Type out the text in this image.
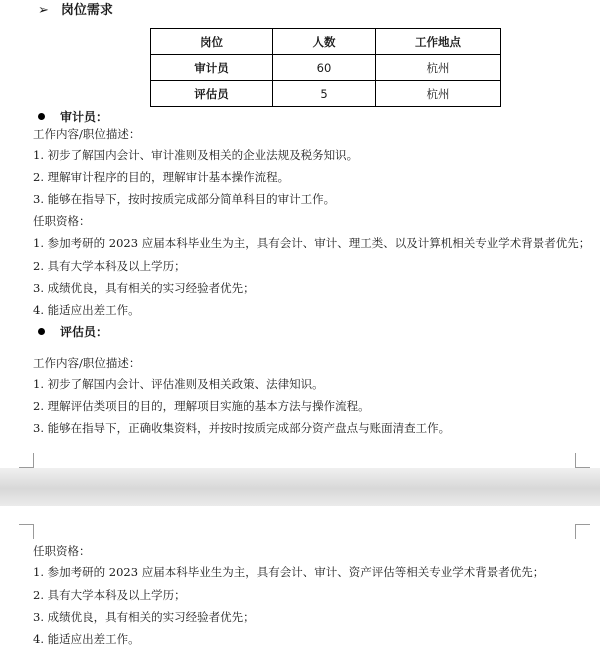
➢ 岗位需求
岗位	人数	工作地点
审计员	60	杭州
评估员	5	杭州
审计员：
工作内容/职位描述：
1. 初步了解国内会计、审计准则及相关的企业法规及税务知识。
2. 理解审计程序的目的，理解审计基本操作流程。
3. 能够在指导下，按时按质完成部分简单科目的审计工作。
任职资格：
1. 参加考研的 2023 应届本科毕业生为主，具有会计、审计、理工类、以及计算机相关专业学术背景者优先；
2. 具有大学本科及以上学历；
3. 成绩优良，具有相关的实习经验者优先；
4. 能适应出差工作。
评估员：
工作内容/职位描述：
1. 初步了解国内会计、评估准则及相关政策、法律知识。
2. 理解评估类项目的目的，理解项目实施的基本方法与操作流程。
3. 能够在指导下，正确收集资料，并按时按质完成部分资产盘点与账面清查工作。
任职资格：
1. 参加考研的 2023 应届本科毕业生为主，具有会计、审计、资产评估等相关专业学术背景者优先；
2. 具有大学本科及以上学历；
3. 成绩优良，具有相关的实习经验者优先；
4. 能适应出差工作。
